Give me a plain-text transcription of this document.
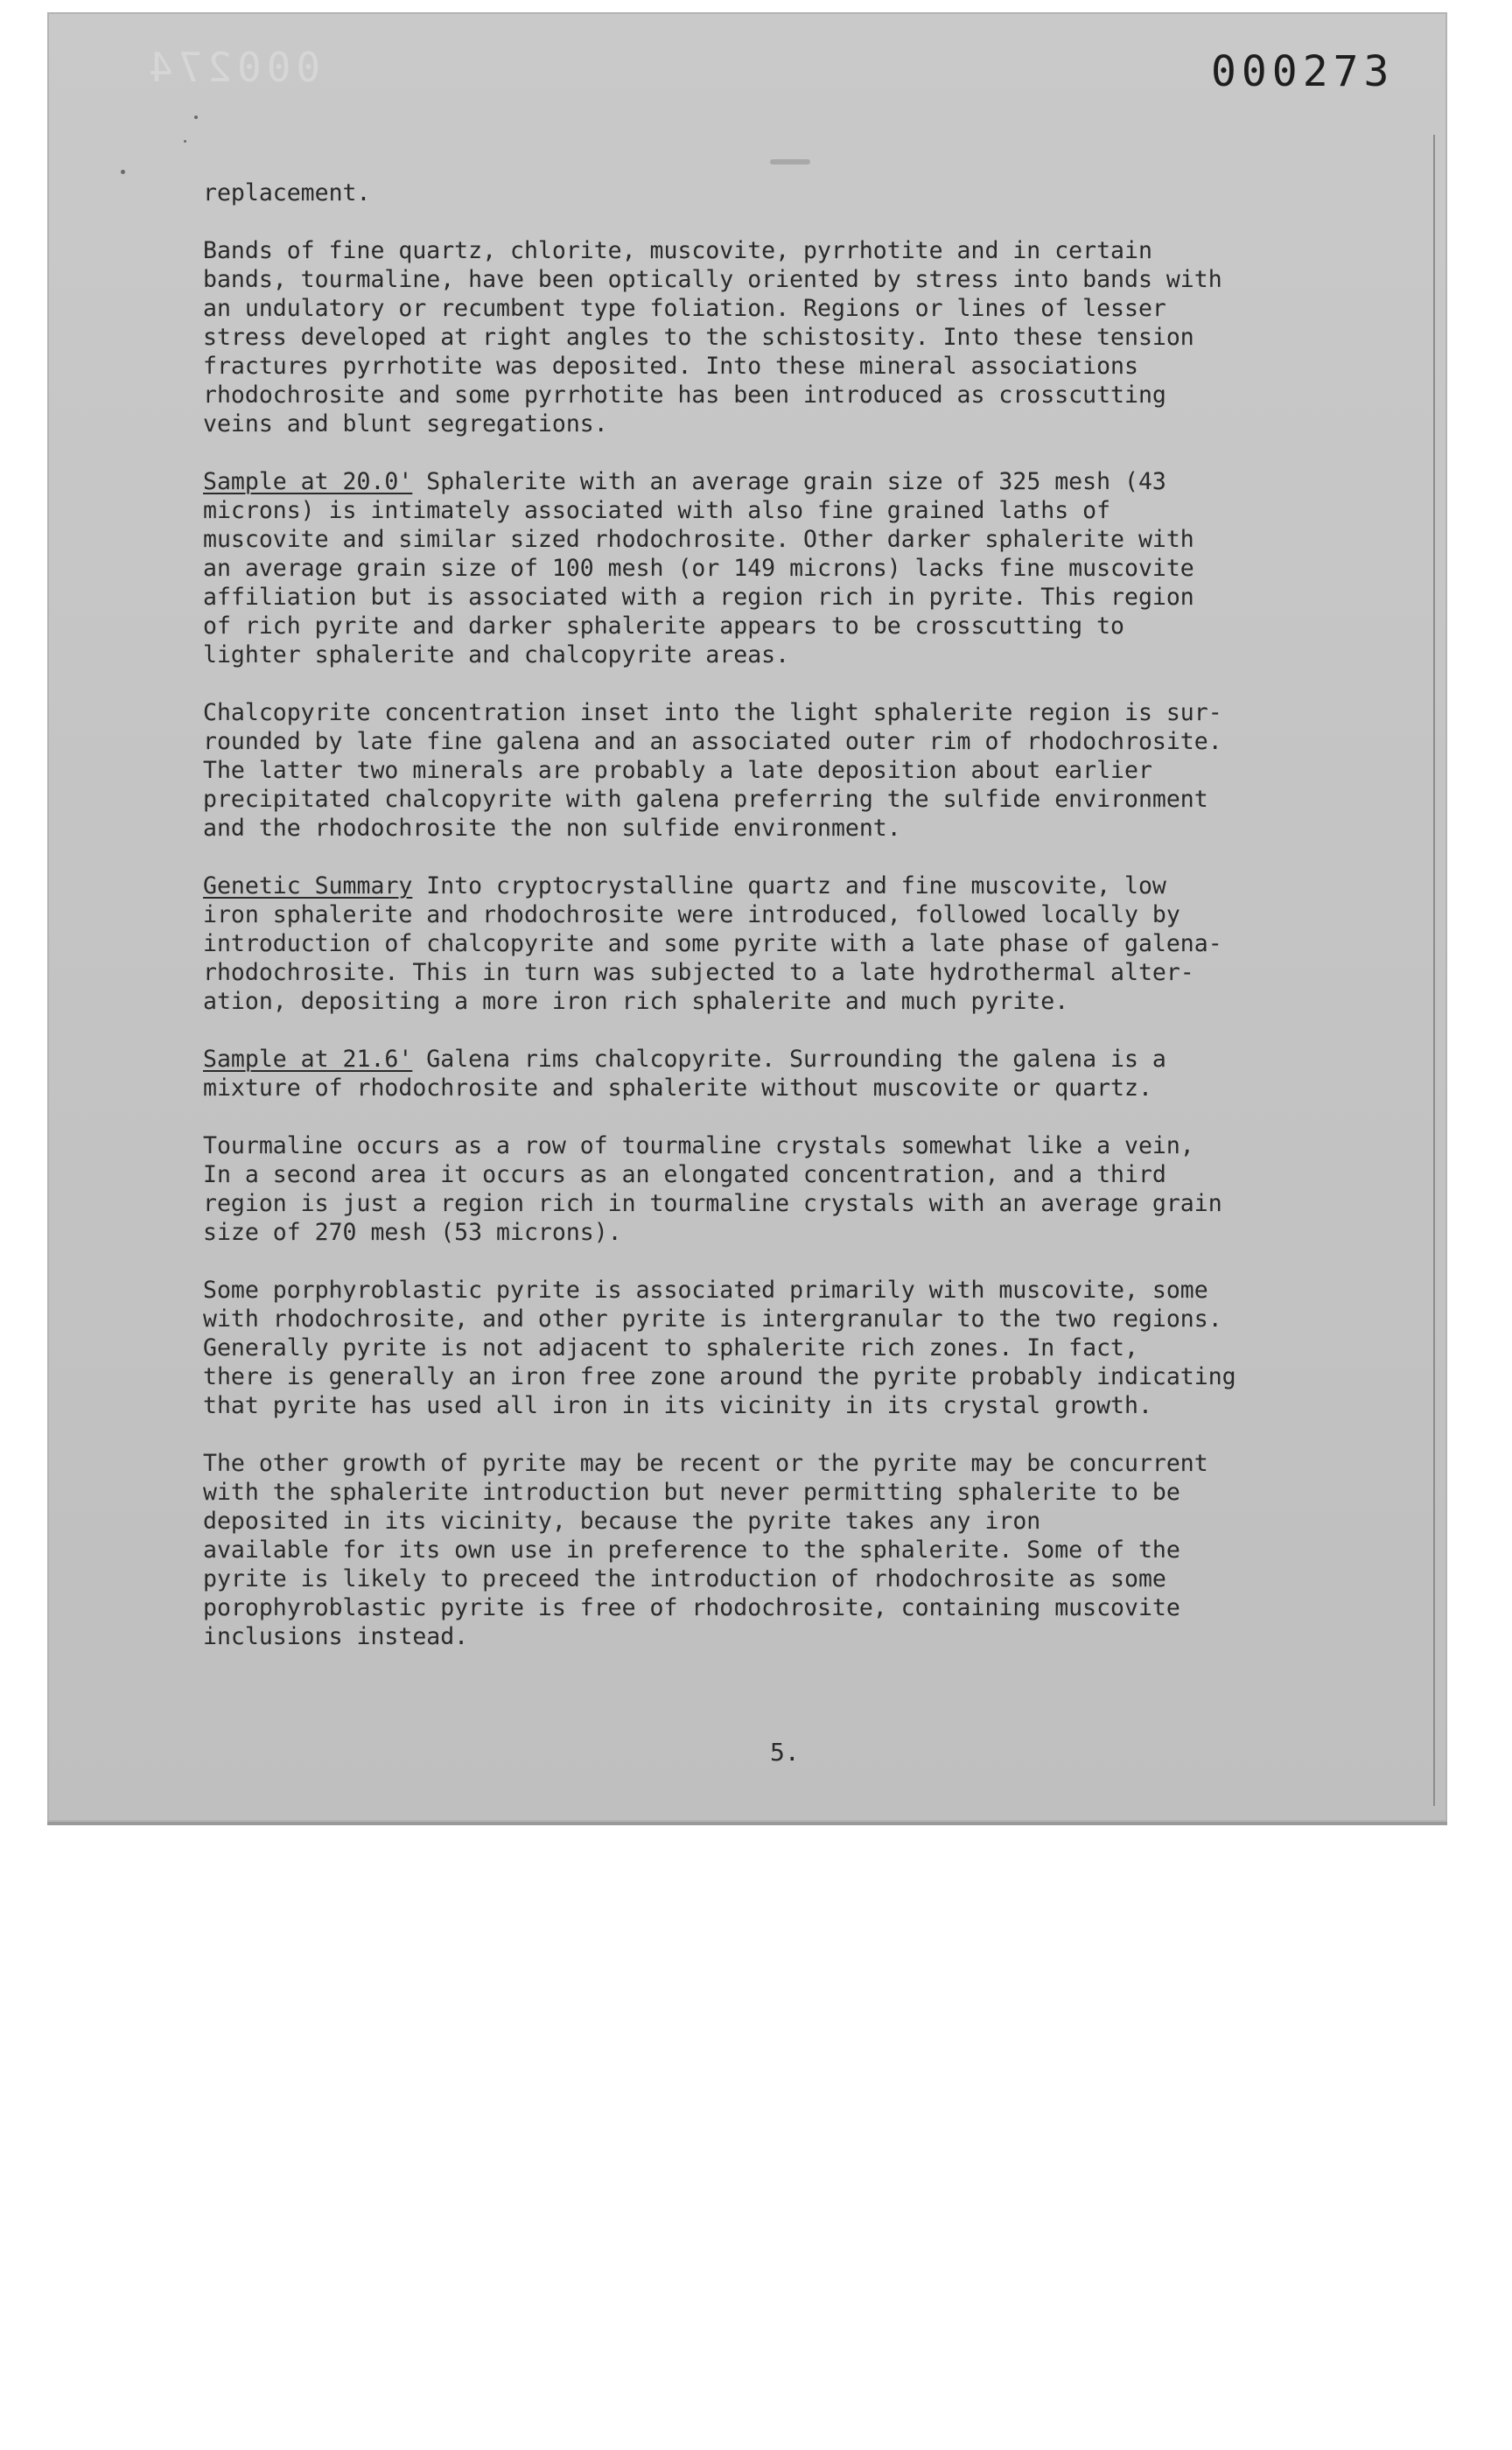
000274	000273
5.

replacement.

Bands of fine quartz, chlorite, muscovite, pyrrhotite and in certain
bands, tourmaline, have been optically oriented by stress into bands with
an undulatory or recumbent type foliation. Regions or lines of lesser
stress developed at right angles to the schistosity. Into these tension
fractures pyrrhotite was deposited. Into these mineral associations
rhodochrosite and some pyrrhotite has been introduced as crosscutting
veins and blunt segregations.

Sample at 20.0' Sphalerite with an average grain size of 325 mesh (43
microns) is intimately associated with also fine grained laths of
muscovite and similar sized rhodochrosite. Other darker sphalerite with
an average grain size of 100 mesh (or 149 microns) lacks fine muscovite
affiliation but is associated with a region rich in pyrite. This region
of rich pyrite and darker sphalerite appears to be crosscutting to
lighter sphalerite and chalcopyrite areas.

Chalcopyrite concentration inset into the light sphalerite region is sur-
rounded by late fine galena and an associated outer rim of rhodochrosite.
The latter two minerals are probably a late deposition about earlier
precipitated chalcopyrite with galena preferring the sulfide environment
and the rhodochrosite the non sulfide environment.

Genetic Summary Into cryptocrystalline quartz and fine muscovite, low
iron sphalerite and rhodochrosite were introduced, followed locally by
introduction of chalcopyrite and some pyrite with a late phase of galena-
rhodochrosite. This in turn was subjected to a late hydrothermal alter-
ation, depositing a more iron rich sphalerite and much pyrite.

Sample at 21.6' Galena rims chalcopyrite. Surrounding the galena is a
mixture of rhodochrosite and sphalerite without muscovite or quartz.

Tourmaline occurs as a row of tourmaline crystals somewhat like a vein,
In a second area it occurs as an elongated concentration, and a third
region is just a region rich in tourmaline crystals with an average grain
size of 270 mesh (53 microns).

Some porphyroblastic pyrite is associated primarily with muscovite, some
with rhodochrosite, and other pyrite is intergranular to the two regions.
Generally pyrite is not adjacent to sphalerite rich zones. In fact,
there is generally an iron free zone around the pyrite probably indicating
that pyrite has used all iron in its vicinity in its crystal growth.

The other growth of pyrite may be recent or the pyrite may be concurrent
with the sphalerite introduction but never permitting sphalerite to be
deposited in its vicinity, because the pyrite takes any iron
available for its own use in preference to the sphalerite. Some of the
pyrite is likely to preceed the introduction of rhodochrosite as some
porophyroblastic pyrite is free of rhodochrosite, containing muscovite
inclusions instead.
